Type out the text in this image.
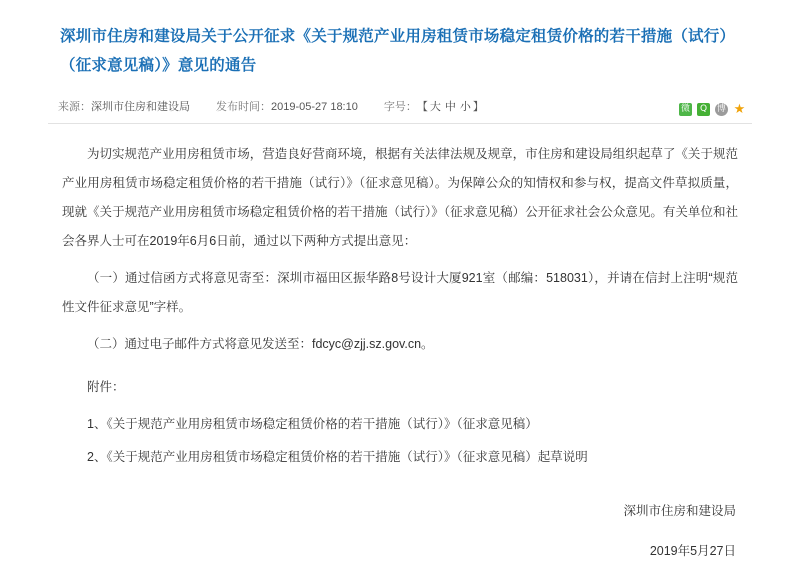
深圳市住房和建设局关于公开征求《关于规范产业用房租赁市场稳定租赁价格的若干措施（试行）（征求意见稿）》意见的通告
来源：深圳市住房和建设局 发布时间：2019-05-27 18:10 字号： 【 大 中 小 】	微	Q	博 ★

为切实规范产业用房租赁市场，营造良好营商环境，根据有关法律法规及规章，市住房和建设局组织起草了《关于规范产业用房租赁市场稳定租赁价格的若干措施（试行）》（征求意见稿）。为保障公众的知情权和参与权，提高文件草拟质量，现就《关于规范产业用房租赁市场稳定租赁价格的若干措施（试行）》（征求意见稿）公开征求社会公众意见。有关单位和社会各界人士可在2019年6月6日前，通过以下两种方式提出意见：

（一）通过信函方式将意见寄至：深圳市福田区振华路8号设计大厦921室（邮编：518031），并请在信封上注明“规范性文件征求意见”字样。

（二）通过电子邮件方式将意见发送至：fdcyc@zjj.sz.gov.cn。

附件：

1、《关于规范产业用房租赁市场稳定租赁价格的若干措施（试行）》（征求意见稿）

2、《关于规范产业用房租赁市场稳定租赁价格的若干措施（试行）》（征求意见稿）起草说明

深圳市住房和建设局
2019年5月27日
